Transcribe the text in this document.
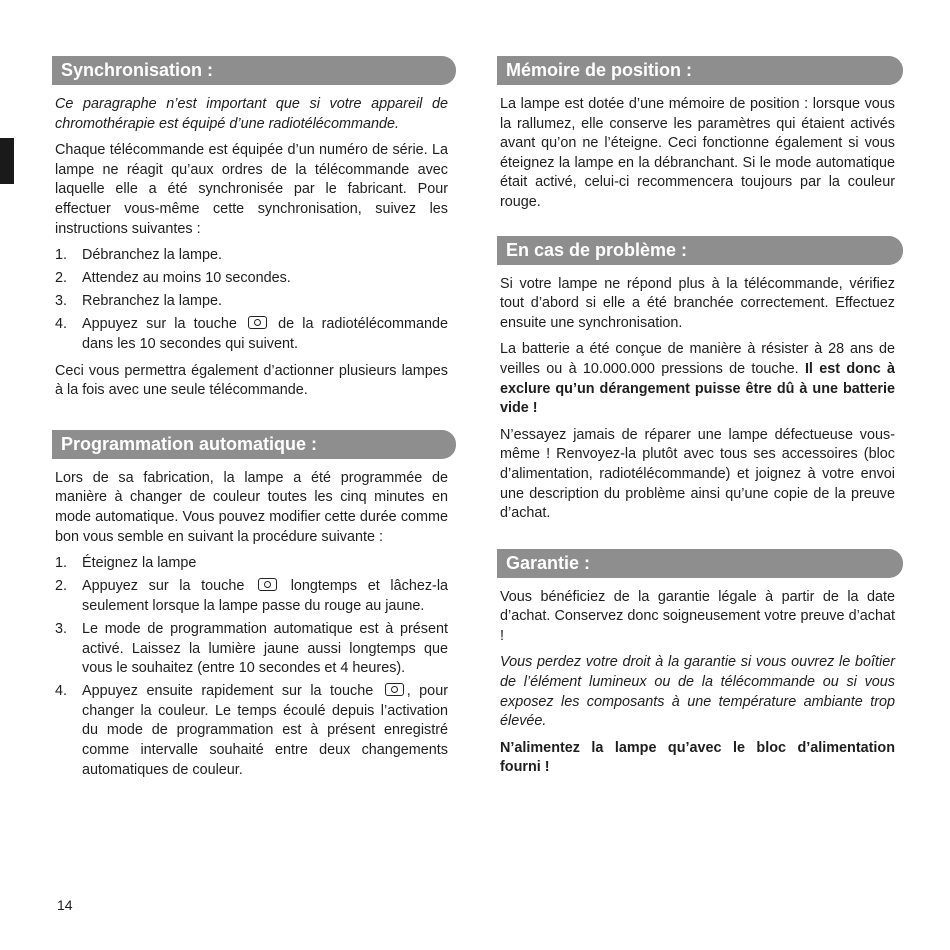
Synchronisation :

Ce paragraphe n’est important que si votre appareil de chromothérapie est équipé d’une radiotélécommande.

Chaque télécommande est équipée d’un numéro de série. La lampe ne réagit qu’aux ordres de la télécommande avec laquelle elle a été synchronisée par le fabricant. Pour effectuer vous-même cette synchronisation, suivez les instructions suivantes :

1.	Débranchez la lampe.
2.	Attendez au moins 10 secondes.
3.	Rebranchez la lampe.
4.	Appuyez sur la touche	de la radiotélécommande dans les 10 secondes qui suivent.

Ceci vous permettra également d’actionner plusieurs lampes à la fois avec une seule télécommande.

Programmation automatique :

Lors de sa fabrication, la lampe a été programmée de manière à changer de couleur toutes les cinq minutes en mode automatique. Vous pouvez modifier cette durée comme bon vous semble en suivant la procédure suivante :

1.	Éteignez la lampe
2.	Appuyez sur la touche	longtemps et lâchez-la seulement lorsque la lampe passe du rouge au jaune.
3.	Le mode de programmation automatique est à présent activé. Laissez la lumière jaune aussi longtemps que vous le souhaitez (entre 10 secondes et 4 heures).
4.	Appuyez ensuite rapidement sur la touche , pour changer la couleur. Le temps écoulé depuis l’activation du mode de programmation est à présent enregistré comme intervalle souhaité entre deux changements automatiques de couleur.
Mémoire de position :

La lampe est dotée d’une mémoire de position : lorsque vous la rallumez, elle conserve les paramètres qui étaient activés avant qu’on ne l’éteigne. Ceci fonctionne également si vous éteignez la lampe en la débranchant. Si le mode automatique était activé, celui-ci recommencera toujours par la couleur rouge.

En cas de problème :

Si votre lampe ne répond plus à la télécommande, vérifiez tout d’abord si elle a été branchée correctement. Effectuez ensuite une synchronisation.

La batterie a été conçue de manière à résister à 28 ans de veilles ou à 10.000.000 pressions de touche. Il est donc à exclure qu’un dérangement puisse être dû à une batterie vide !

N’essayez jamais de réparer une lampe défectueuse vous-même ! Renvoyez-la plutôt avec tous ses accessoires (bloc d’alimentation, radiotélécommande) et joignez à votre envoi une description du problème ainsi qu’une copie de la preuve d’achat.

Garantie :

Vous bénéficiez de la garantie légale à partir de la date d’achat. Conservez donc soigneusement votre preuve d’achat !

Vous perdez votre droit à la garantie si vous ouvrez le boîtier de l’élément lumineux ou de la télécommande ou si vous exposez les composants à une température ambiante trop élevée.

N’alimentez la lampe qu’avec le bloc d’alimentation fourni !

14
